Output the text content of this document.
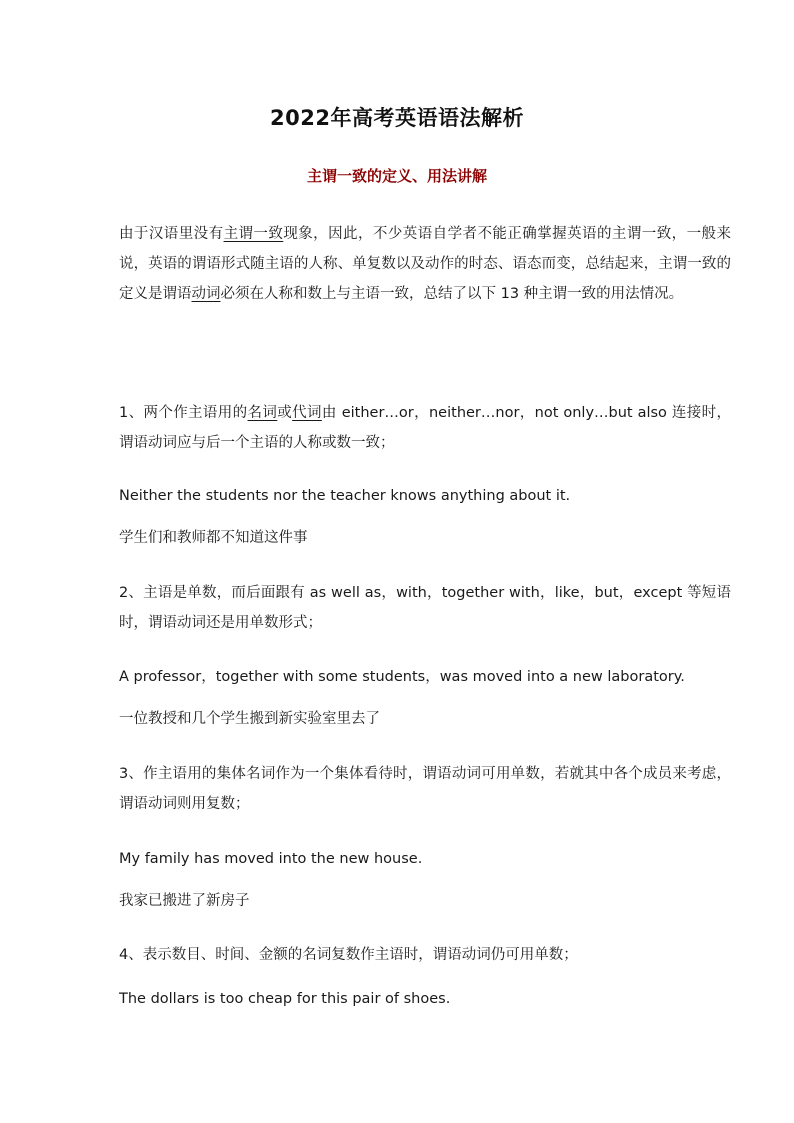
2022年高考英语语法解析
主谓一致的定义、用法讲解
由于汉语里没有主谓一致现象，因此，不少英语自学者不能正确掌握英语的主谓一致，一般来说，英语的谓语形式随主语的人称、单复数以及动作的时态、语态而变，总结起来，主谓一致的定义是谓语动词必须在人称和数上与主语一致，总结了以下 13 种主谓一致的用法情况。
1、两个作主语用的名词或代词由 either…or，neither…nor，not only…but also 连接时，谓语动词应与后一个主语的人称或数一致；
Neither the students nor the teacher knows anything about it.
学生们和教师都不知道这件事
2、主语是单数，而后面跟有 as well as，with，together with，like，but，except 等短语时，谓语动词还是用单数形式；
A professor，together with some students，was moved into a new laboratory.
一位教授和几个学生搬到新实验室里去了
3、作主语用的集体名词作为一个集体看待时，谓语动词可用单数，若就其中各个成员来考虑，谓语动词则用复数；
My family has moved into the new house.
我家已搬进了新房子
4、表示数目、时间、金额的名词复数作主语时，谓语动词仍可用单数；
The dollars is too cheap for this pair of shoes.
